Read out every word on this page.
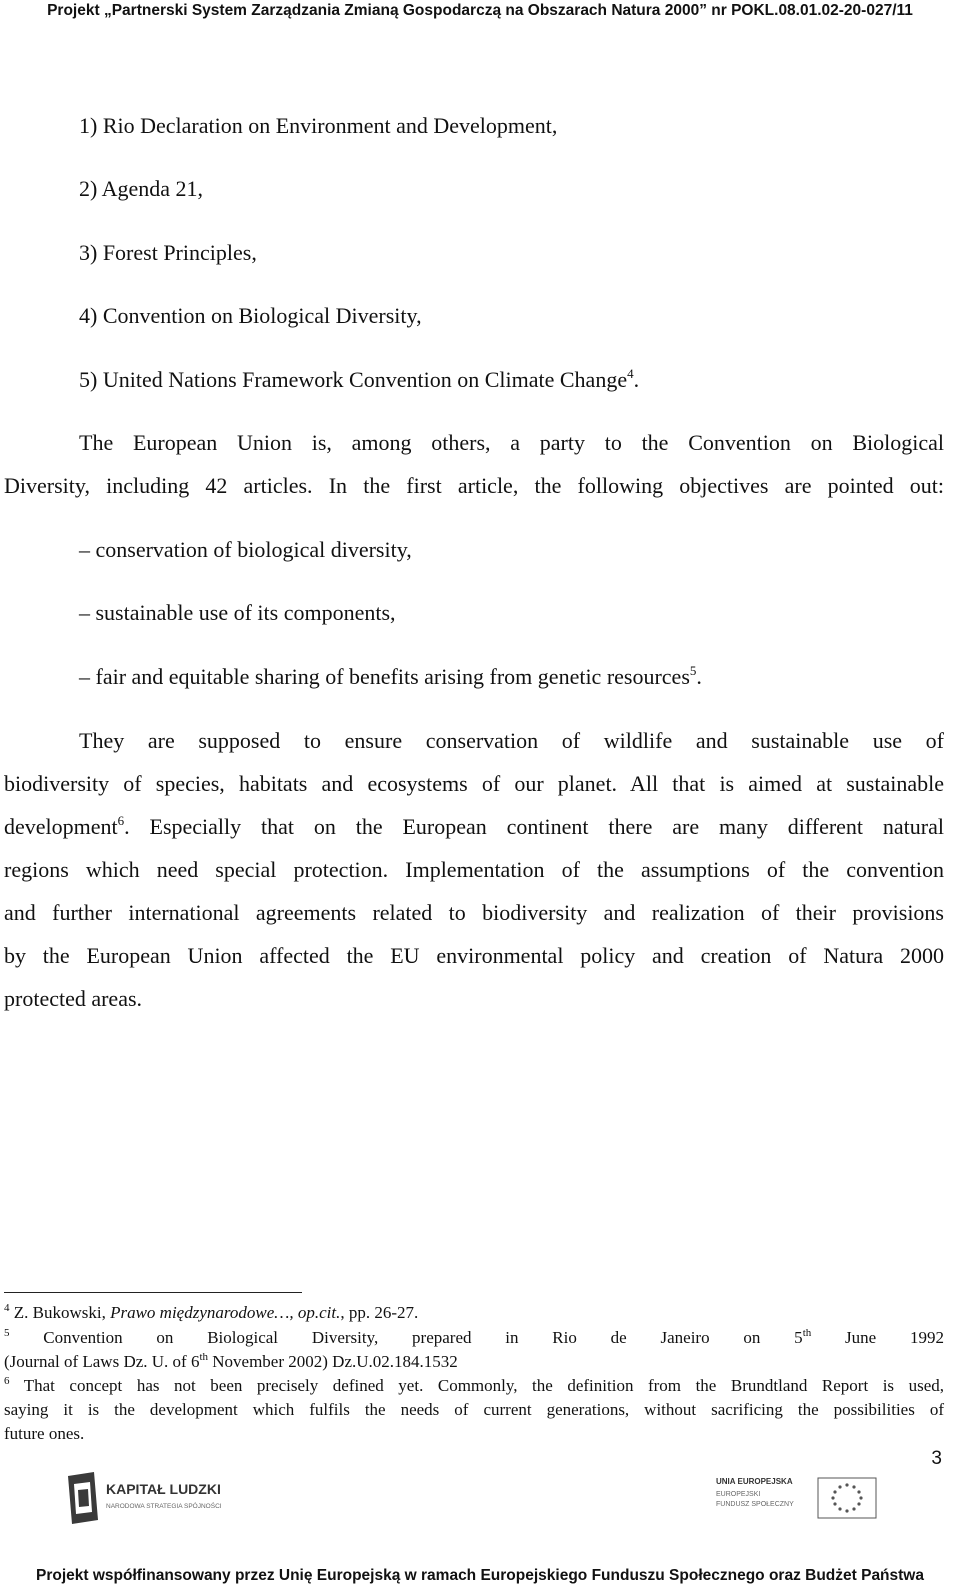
Projekt „Partnerski System Zarządzania Zmianą Gospodarczą na Obszarach Natura 2000” nr POKL.08.01.02-20-027/11
1) Rio Declaration on Environment and Development,
2) Agenda 21,
3) Forest Principles,
4) Convention on Biological Diversity,
5) United Nations Framework Convention on Climate Change$^4$.
The European Union is, among others, a party to the Convention on Biological
Diversity, including 42 articles. In the first article, the following objectives are pointed out:
– conservation of biological diversity,
– sustainable use of its components,
– fair and equitable sharing of benefits arising from genetic resources$^5$.
They are supposed to ensure conservation of wildlife and sustainable use of
biodiversity of species, habitats and ecosystems of our planet. All that is aimed at sustainable
development$^6$. Especially that on the European continent there are many different natural
regions which need special protection. Implementation of the assumptions of the convention
and further international agreements related to biodiversity and realization of their provisions
by the European Union affected the EU environmental policy and creation of Natura 2000
protected areas.
$^4$ Z. Bukowski, Prawo międzynarodowe…, op.cit., pp. 26-27.
$^5$ Convention on Biological Diversity, prepared in Rio de Janeiro on 5th June 1992
(Journal of Laws Dz. U. of 6th November 2002) Dz.U.02.184.1532
$^6$ That concept has not been precisely defined yet. Commonly, the definition from the Brundtland Report is used,
saying it is the development which fulfils the needs of current generations, without sacrificing the possibilities of
future ones.
3
KAPITAŁ LUDZKI
NARODOWA STRATEGIA SPÓJNOŚCI
UNIA EUROPEJSKA
EUROPEJSKI
FUNDUSZ SPOŁECZNY
Projekt współfinansowany przez Unię Europejską w ramach Europejskiego Funduszu Społecznego oraz Budżet Państwa
